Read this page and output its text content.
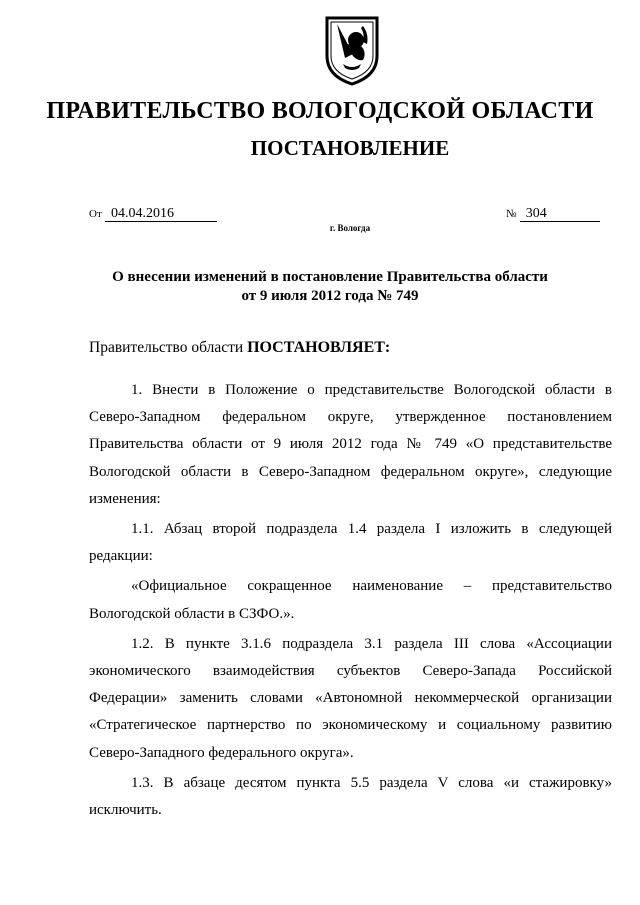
ПРАВИТЕЛЬСТВО ВОЛОГОДСКОЙ ОБЛАСТИ
ПОСТАНОВЛЕНИЕ
От 04.04.2016	№ 304
г. Вологда
О внесении изменений в постановление Правительства области
от 9 июля 2012 года № 749
Правительство области ПОСТАНОВЛЯЕТ:

1. Внести в Положение о представительстве Вологодской области в Северо-Западном федеральном округе, утвержденное постановлением Правительства области от 9 июля 2012 года № 749 «О представительстве Вологодской области в Северо-Западном федеральном округе», следующие изменения:

1.1. Абзац второй подраздела 1.4 раздела I изложить в следующей редакции:

«Официальное сокращенное наименование – представительство Вологодской области в СЗФО.».

1.2. В пункте 3.1.6 подраздела 3.1 раздела III слова «Ассоциации экономического взаимодействия субъектов Северо-Запада Российской Федерации» заменить словами «Автономной некоммерческой организации «Стратегическое партнерство по экономическому и социальному развитию Северо-Западного федерального округа».

1.3. В абзаце десятом пункта 5.5 раздела V слова «и стажировку» исключить.
